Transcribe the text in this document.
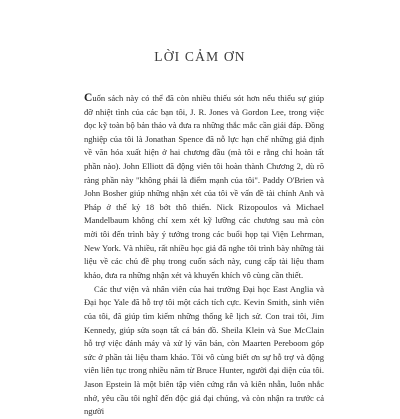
LỜI CẢM ƠN

Cuốn sách này có thể đã còn nhiều thiếu sót hơn nếu thiếu sự giúp đỡ nhiệt tình của các bạn tôi, J. R. Jones và Gordon Lee, trong việc đọc kỹ toàn bộ bản thảo và đưa ra những thắc mắc cần giải đáp. Đồng nghiệp của tôi là Jonathan Spence đã nỗ lực hạn chế những giả định về văn hóa xuất hiện ở hai chương đầu (mà tôi e rằng chỉ hoàn tất phần nào). John Elliott đã động viên tôi hoàn thành Chương 2, dù rõ ràng phần này "không phải là điểm mạnh của tôi". Paddy O'Brien và John Bosher giúp những nhận xét của tôi về vấn đề tài chính Anh và Pháp ở thế kỷ 18 bớt thô thiển. Nick Rizopoulos và Michael Mandelbaum không chỉ xem xét kỹ lưỡng các chương sau mà còn mời tôi đến trình bày ý tưởng trong các buổi họp tại Viện Lehrman, New York. Và nhiều, rất nhiều học giả đã nghe tôi trình bày những tài liệu về các chủ đề phụ trong cuốn sách này, cung cấp tài liệu tham khảo, đưa ra những nhận xét và khuyến khích vô cùng cần thiết.

Các thư viện và nhân viên của hai trường Đại học East Anglia và Đại học Yale đã hỗ trợ tôi một cách tích cực. Kevin Smith, sinh viên của tôi, đã giúp tìm kiếm những thống kê lịch sử. Con trai tôi, Jim Kennedy, giúp sửa soạn tất cả bản đồ. Sheila Klein và Sue McClain hỗ trợ việc đánh máy và xử lý văn bản, còn Maarten Pereboom góp sức ở phần tài liệu tham khảo. Tôi vô cùng biết ơn sự hỗ trợ và động viên liên tục trong nhiều năm từ Bruce Hunter, người đại diện của tôi. Jason Epstein là một biên tập viên cứng rắn và kiên nhẫn, luôn nhắc nhở, yêu cầu tôi nghĩ đến độc giả đại chúng, và còn nhận ra trước cả người
